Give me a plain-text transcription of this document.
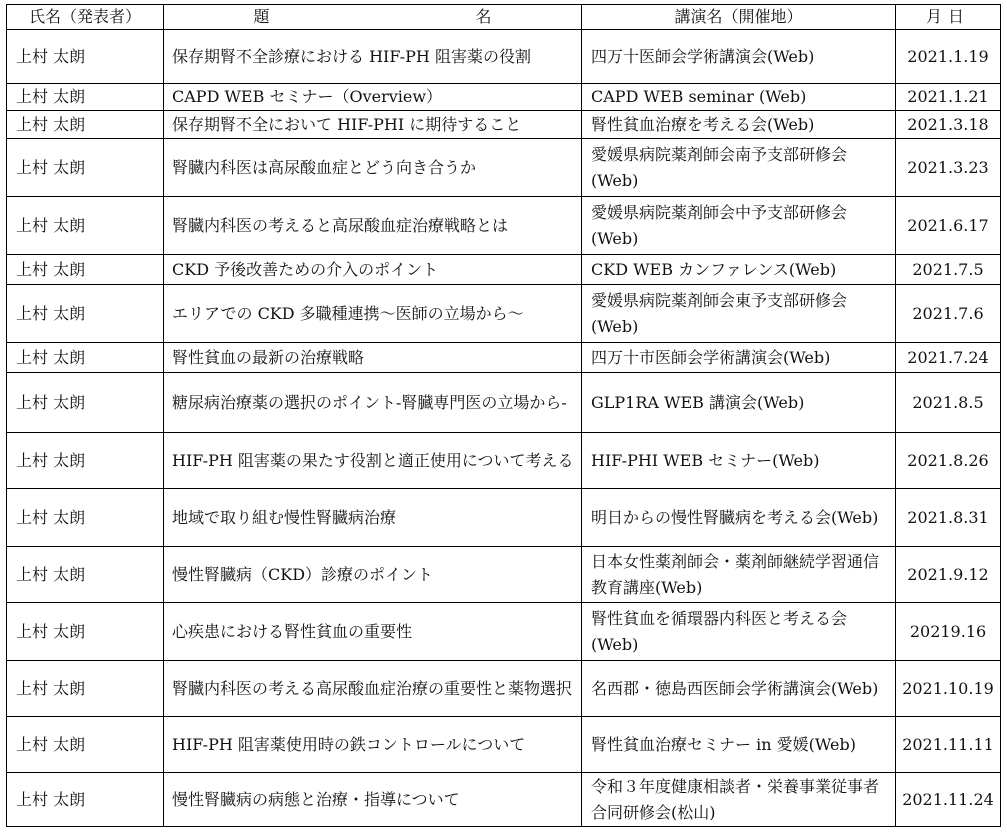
氏名（発表者）	題　　名	講演名（開催地）	月日
上村 太朗	保存期腎不全診療における HIF-PH 阻害薬の役割	四万十医師会学術講演会(Web)	2021.1.19
上村 太朗	CAPD WEB セミナー（Overview）	CAPD WEB seminar (Web)	2021.1.21
上村 太朗	保存期腎不全において HIF-PHI に期待すること	腎性貧血治療を考える会(Web)	2021.3.18
上村 太朗	腎臓内科医は高尿酸血症とどう向き合うか	愛媛県病院薬剤師会南予支部研修会(Web)	2021.3.23
上村 太朗	腎臓内科医の考えると高尿酸血症治療戦略とは	愛媛県病院薬剤師会中予支部研修会(Web)	2021.6.17
上村 太朗	CKD 予後改善ための介入のポイント	CKD WEB カンファレンス(Web)	2021.7.5
上村 太朗	エリアでの CKD 多職種連携～医師の立場から～	愛媛県病院薬剤師会東予支部研修会(Web)	2021.7.6
上村 太朗	腎性貧血の最新の治療戦略	四万十市医師会学術講演会(Web)	2021.7.24
上村 太朗	糖尿病治療薬の選択のポイント-腎臓専門医の立場から-	GLP1RA WEB 講演会(Web)	2021.8.5
上村 太朗	HIF-PH 阻害薬の果たす役割と適正使用について考える	HIF-PHI WEB セミナー(Web)	2021.8.26
上村 太朗	地域で取り組む慢性腎臓病治療	明日からの慢性腎臓病を考える会(Web)	2021.8.31
上村 太朗	慢性腎臓病（CKD）診療のポイント	日本女性薬剤師会・薬剤師継続学習通信教育講座(Web)	2021.9.12
上村 太朗	心疾患における腎性貧血の重要性	腎性貧血を循環器内科医と考える会(Web)	20219.16
上村 太朗	腎臓内科医の考える高尿酸血症治療の重要性と薬物選択	名西郡・徳島西医師会学術講演会(Web)	2021.10.19
上村 太朗	HIF-PH 阻害薬使用時の鉄コントロールについて	腎性貧血治療セミナー in 愛媛(Web)	2021.11.11
上村 太朗	慢性腎臓病の病態と治療・指導について	令和３年度健康相談者・栄養事業従事者合同研修会(松山)	2021.11.24
